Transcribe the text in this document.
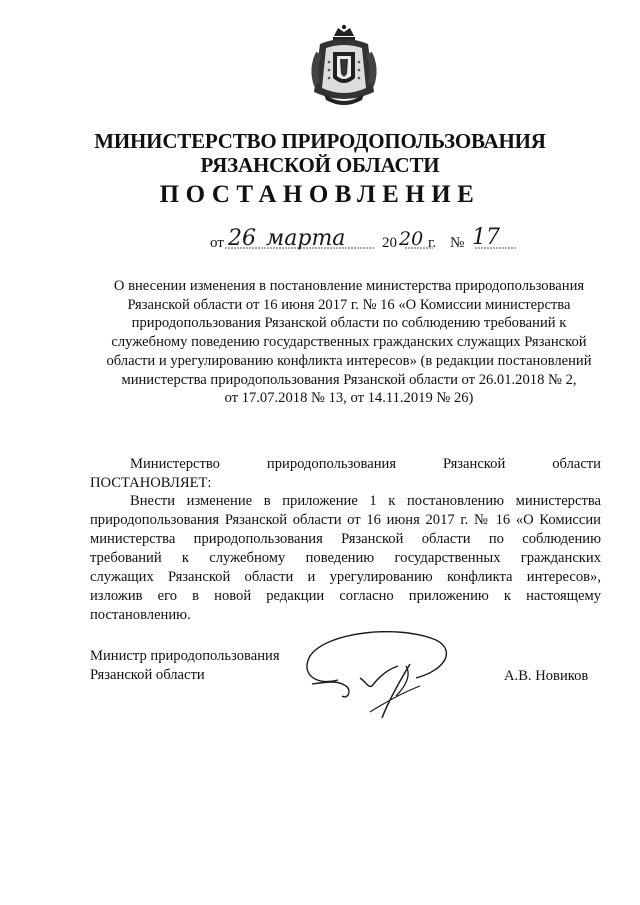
МИНИСТЕРСТВО ПРИРОДОПОЛЬЗОВАНИЯ
РЯЗАНСКОЙ ОБЛАСТИ
ПОСТАНОВЛЕНИЕ
от 26 марта 20 20 г. № 17
О внесении изменения в постановление министерства природопользования
Рязанской области от 16 июня 2017 г. № 16 «О Комиссии министерства
природопользования Рязанской области по соблюдению требований к
служебному поведению государственных гражданских служащих Рязанской
области и урегулированию конфликта интересов» (в редакции постановлений
министерства природопользования Рязанской области от 26.01.2018 № 2,
от 17.07.2018 № 13, от 14.11.2019 № 26)
Министерство природопользования Рязанской области
ПОСТАНОВЛЯЕТ:
Внести изменение в приложение 1 к постановлению министерства
природопользования Рязанской области от 16 июня 2017 г. № 16 «О Комиссии
министерства природопользования Рязанской области по соблюдению
требований к служебному поведению государственных гражданских
служащих Рязанской области и урегулированию конфликта интересов»,
изложив его в новой редакции согласно приложению к настоящему
постановлению.
Министр природопользования
Рязанской области	А.В. Новиков
